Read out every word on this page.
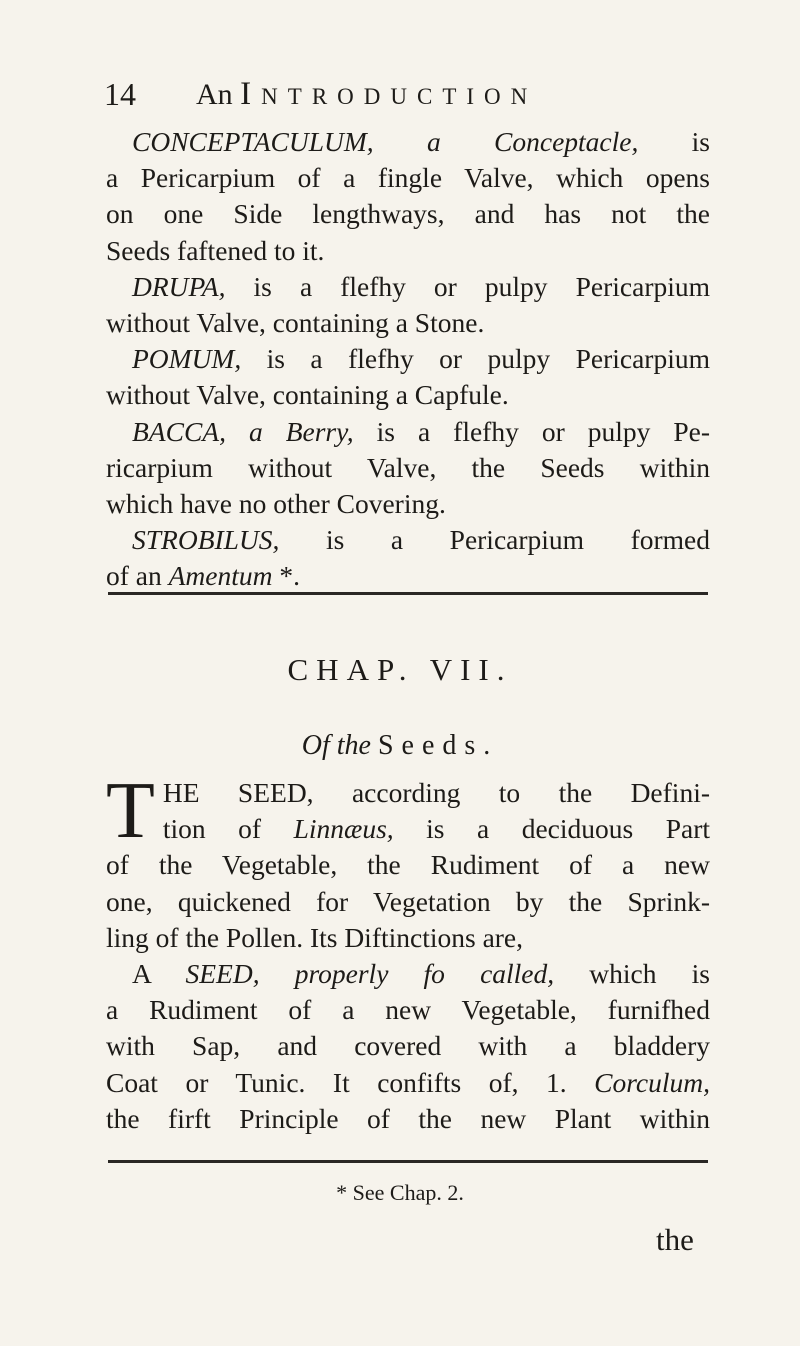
14 An I NTRODUCTION

CONCEPTACULUM, a Conceptacle, is
a Pericarpium of a fingle Valve, which opens
on one Side lengthways, and has not the
Seeds faftened to it.

DRUPA, is a flefhy or pulpy Pericarpium
without Valve, containing a Stone.

POMUM, is a flefhy or pulpy Pericarpium
without Valve, containing a Capfule.

BACCA, a Berry, is a flefhy or pulpy Pe-
ricarpium without Valve, the Seeds within
which have no other Covering.

STROBILUS, is a Pericarpium formed
of an Amentum *.

CHAP. VII.
Of the Seeds.
T HE SEED, according to the Defini-
tion of Linnæus, is a deciduous Part
of the Vegetable, the Rudiment of a new
one, quickened for Vegetation by the Sprink-
ling of the Pollen. Its Diftinctions are,
A SEED, properly fo called, which is
a Rudiment of a new Vegetable, furnifhed
with Sap, and covered with a bladdery
Coat or Tunic. It confifts of, 1. Corculum,
the firft Principle of the new Plant within
* See Chap. 2.
the
